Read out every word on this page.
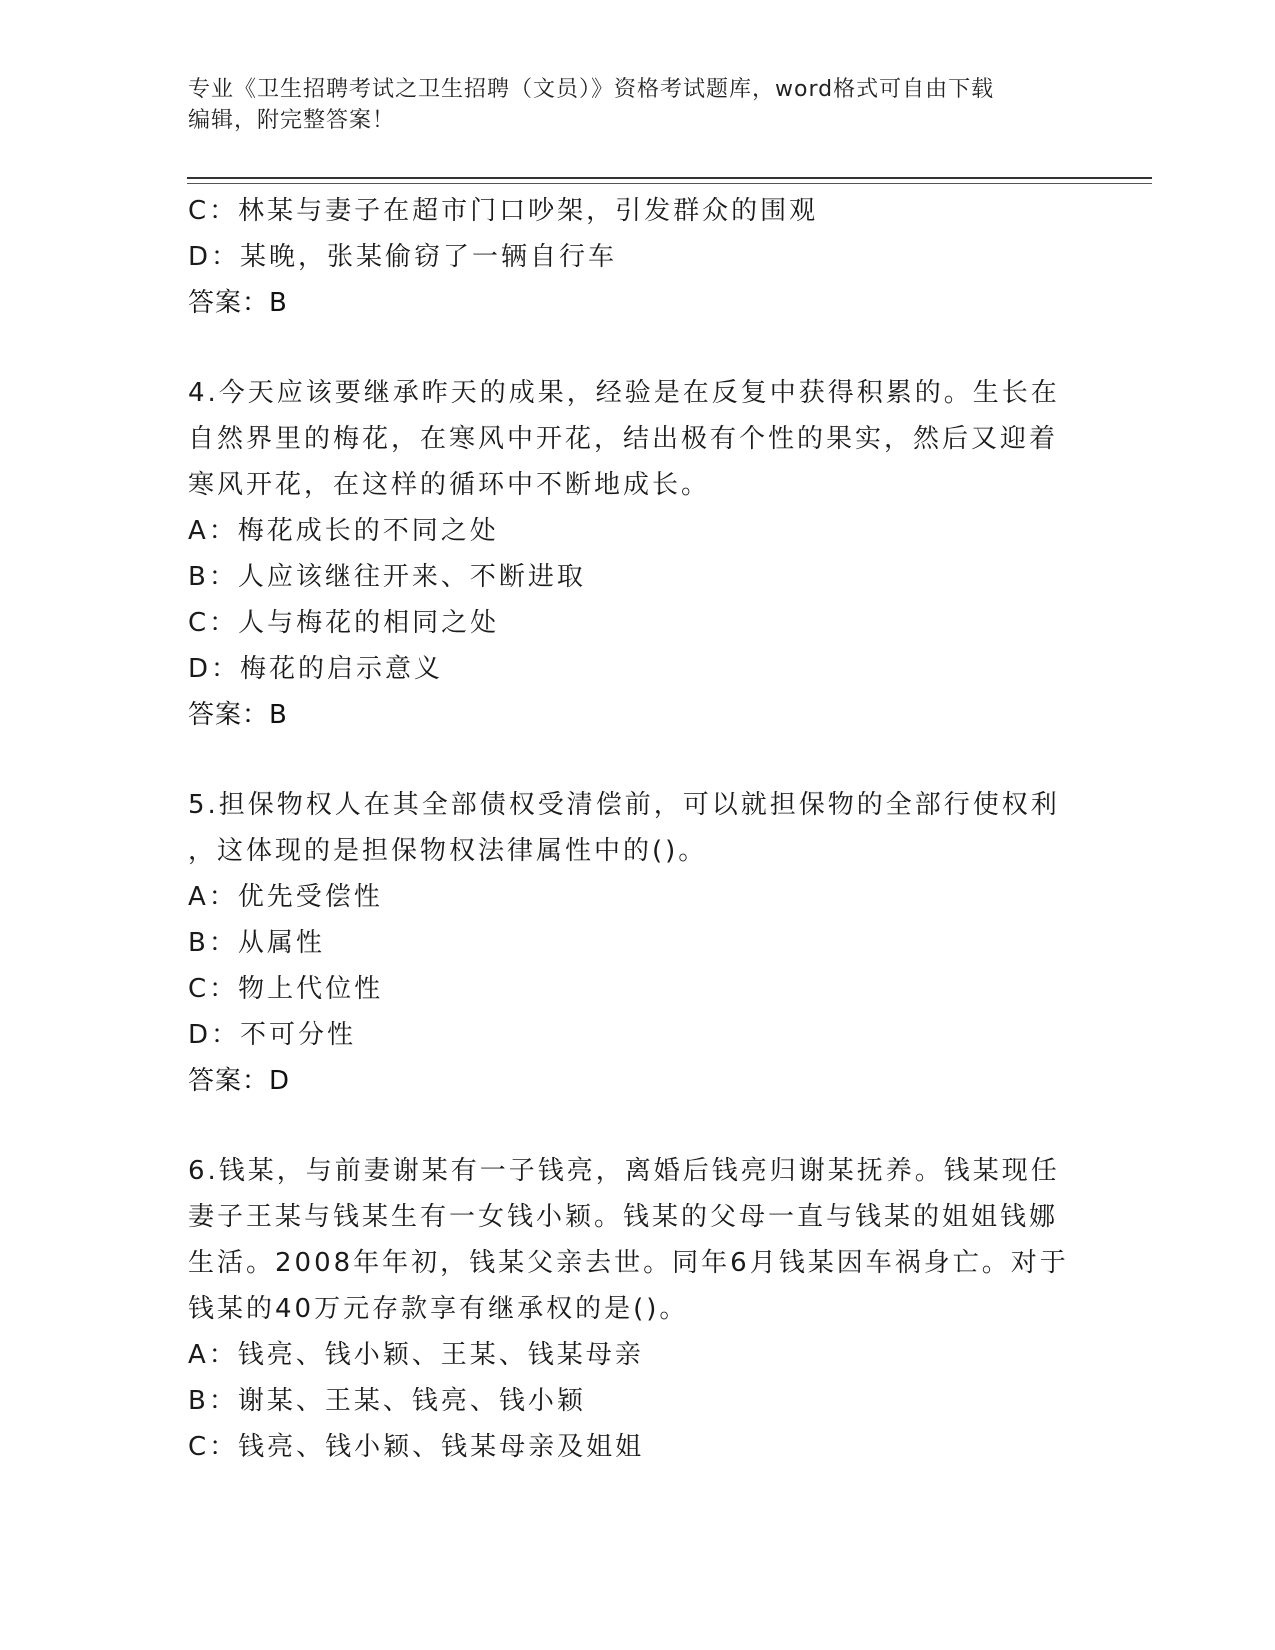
专业《卫生招聘考试之卫生招聘（文员）》资格考试题库，word格式可自由下载
编辑，附完整答案！
C：林某与妻子在超市门口吵架，引发群众的围观
D：某晚，张某偷窃了一辆自行车
答案：B
4.今天应该要继承昨天的成果，经验是在反复中获得积累的。生长在
自然界里的梅花，在寒风中开花，结出极有个性的果实，然后又迎着
寒风开花，在这样的循环中不断地成长。
A：梅花成长的不同之处
B：人应该继往开来、不断进取
C：人与梅花的相同之处
D：梅花的启示意义
答案：B
5.担保物权人在其全部债权受清偿前，可以就担保物的全部行使权利
，这体现的是担保物权法律属性中的()。
A：优先受偿性
B：从属性
C：物上代位性
D：不可分性
答案：D
6.钱某，与前妻谢某有一子钱亮，离婚后钱亮归谢某抚养。钱某现任
妻子王某与钱某生有一女钱小颖。钱某的父母一直与钱某的姐姐钱娜
生活。2008年年初，钱某父亲去世。同年6月钱某因车祸身亡。对于
钱某的40万元存款享有继承权的是()。
A：钱亮、钱小颖、王某、钱某母亲
B：谢某、王某、钱亮、钱小颖
C：钱亮、钱小颖、钱某母亲及姐姐
